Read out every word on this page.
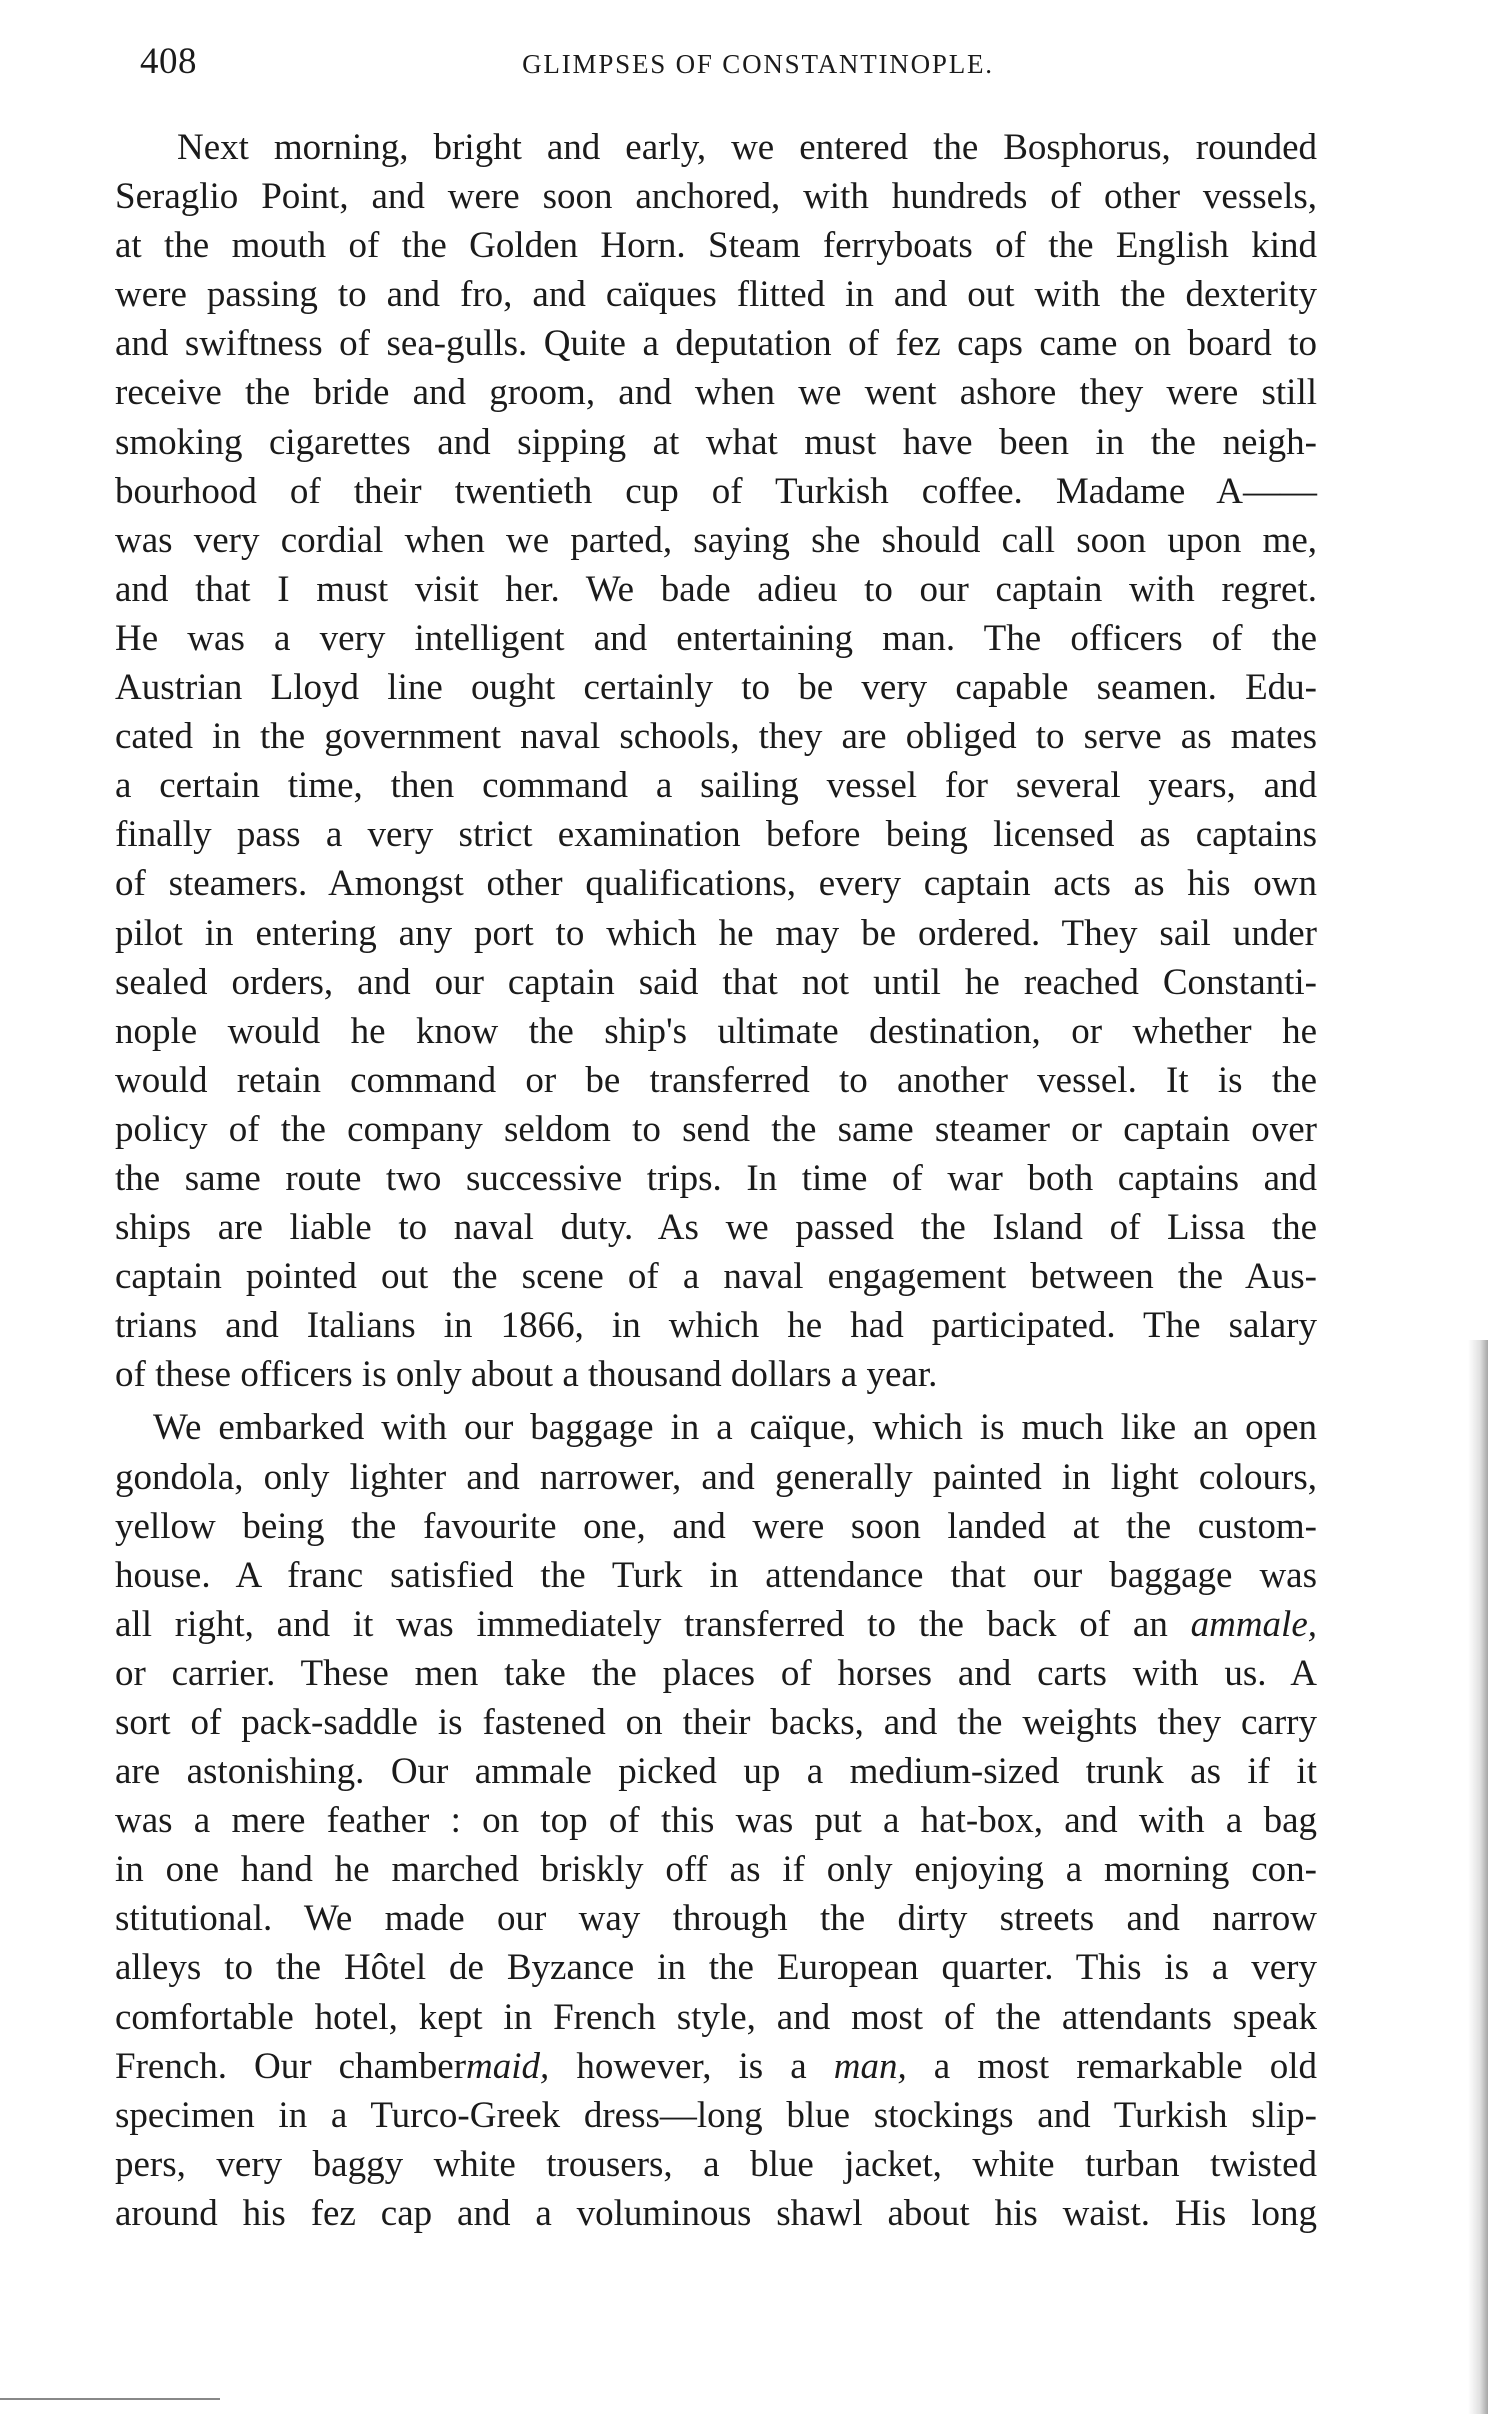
408	GLIMPSES OF CONSTANTINOPLE.
Next morning, bright and early, we entered the Bosphorus, rounded
Seraglio Point, and were soon anchored, with hundreds of other vessels,
at the mouth of the Golden Horn. Steam ferryboats of the English kind
were passing to and fro, and caïques flitted in and out with the dexterity
and swiftness of sea-gulls. Quite a deputation of fez caps came on board to
receive the bride and groom, and when we went ashore they were still
smoking cigarettes and sipping at what must have been in the neigh-
bourhood of their twentieth cup of Turkish coffee. Madame A——
was very cordial when we parted, saying she should call soon upon me,
and that I must visit her. We bade adieu to our captain with regret.
He was a very intelligent and entertaining man. The officers of the
Austrian Lloyd line ought certainly to be very capable seamen. Edu-
cated in the government naval schools, they are obliged to serve as mates
a certain time, then command a sailing vessel for several years, and
finally pass a very strict examination before being licensed as captains
of steamers. Amongst other qualifications, every captain acts as his own
pilot in entering any port to which he may be ordered. They sail under
sealed orders, and our captain said that not until he reached Constanti-
nople would he know the ship's ultimate destination, or whether he
would retain command or be transferred to another vessel. It is the
policy of the company seldom to send the same steamer or captain over
the same route two successive trips. In time of war both captains and
ships are liable to naval duty. As we passed the Island of Lissa the
captain pointed out the scene of a naval engagement between the Aus-
trians and Italians in 1866, in which he had participated. The salary
of these officers is only about a thousand dollars a year.
We embarked with our baggage in a caïque, which is much like an open
gondola, only lighter and narrower, and generally painted in light colours,
yellow being the favourite one, and were soon landed at the custom-
house. A franc satisfied the Turk in attendance that our baggage was
all right, and it was immediately transferred to the back of an ammale,
or carrier. These men take the places of horses and carts with us. A
sort of pack-saddle is fastened on their backs, and the weights they carry
are astonishing. Our ammale picked up a medium-sized trunk as if it
was a mere feather : on top of this was put a hat-box, and with a bag
in one hand he marched briskly off as if only enjoying a morning con-
stitutional. We made our way through the dirty streets and narrow
alleys to the Hôtel de Byzance in the European quarter. This is a very
comfortable hotel, kept in French style, and most of the attendants speak
French. Our chambermaid, however, is a man, a most remarkable old
specimen in a Turco-Greek dress—long blue stockings and Turkish slip-
pers, very baggy white trousers, a blue jacket, white turban twisted
around his fez cap and a voluminous shawl about his waist. His long
